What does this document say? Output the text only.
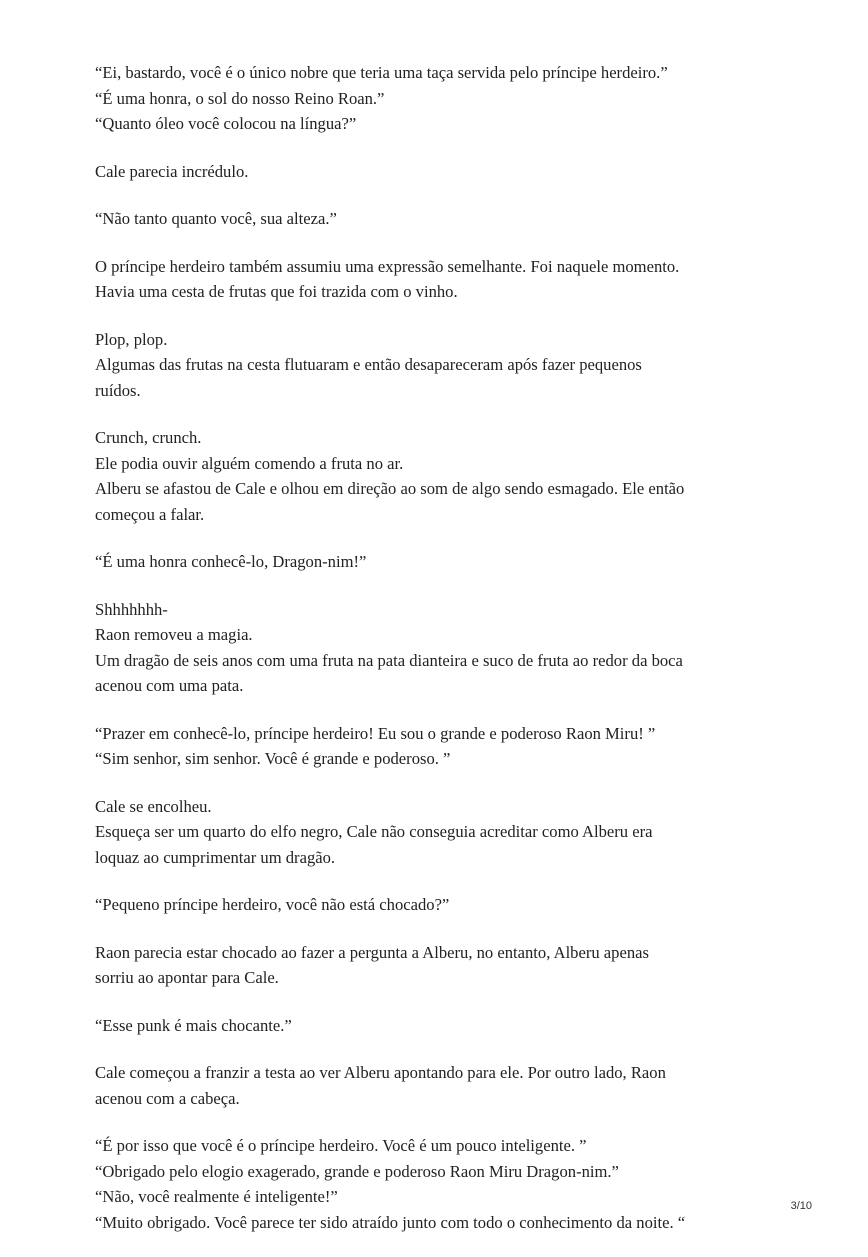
“Ei, bastardo, você é o único nobre que teria uma taça servida pelo príncipe herdeiro.”
“É uma honra, o sol do nosso Reino Roan.”
“Quanto óleo você colocou na língua?”
Cale parecia incrédulo.
“Não tanto quanto você, sua alteza.”
O príncipe herdeiro também assumiu uma expressão semelhante. Foi naquele momento.
Havia uma cesta de frutas que foi trazida com o vinho.
Plop, plop.
Algumas das frutas na cesta flutuaram e então desapareceram após fazer pequenos
ruídos.
Crunch, crunch.
Ele podia ouvir alguém comendo a fruta no ar.
Alberu se afastou de Cale e olhou em direção ao som de algo sendo esmagado. Ele então
começou a falar.
“É uma honra conhecê-lo, Dragon-nim!”
Shhhhhhh-
Raon removeu a magia.
Um dragão de seis anos com uma fruta na pata dianteira e suco de fruta ao redor da boca
acenou com uma pata.
“Prazer em conhecê-lo, príncipe herdeiro! Eu sou o grande e poderoso Raon Miru! ”
“Sim senhor, sim senhor. Você é grande e poderoso. ”
Cale se encolheu.
Esqueça ser um quarto do elfo negro, Cale não conseguia acreditar como Alberu era
loquaz ao cumprimentar um dragão.
“Pequeno príncipe herdeiro, você não está chocado?”
Raon parecia estar chocado ao fazer a pergunta a Alberu, no entanto, Alberu apenas
sorriu ao apontar para Cale.
“Esse punk é mais chocante.”
Cale começou a franzir a testa ao ver Alberu apontando para ele. Por outro lado, Raon
acenou com a cabeça.
“É por isso que você é o príncipe herdeiro. Você é um pouco inteligente. ”
“Obrigado pelo elogio exagerado, grande e poderoso Raon Miru Dragon-nim.”
“Não, você realmente é inteligente!”
“Muito obrigado. Você parece ter sido atraído junto com todo o conhecimento da noite. “
3/10
